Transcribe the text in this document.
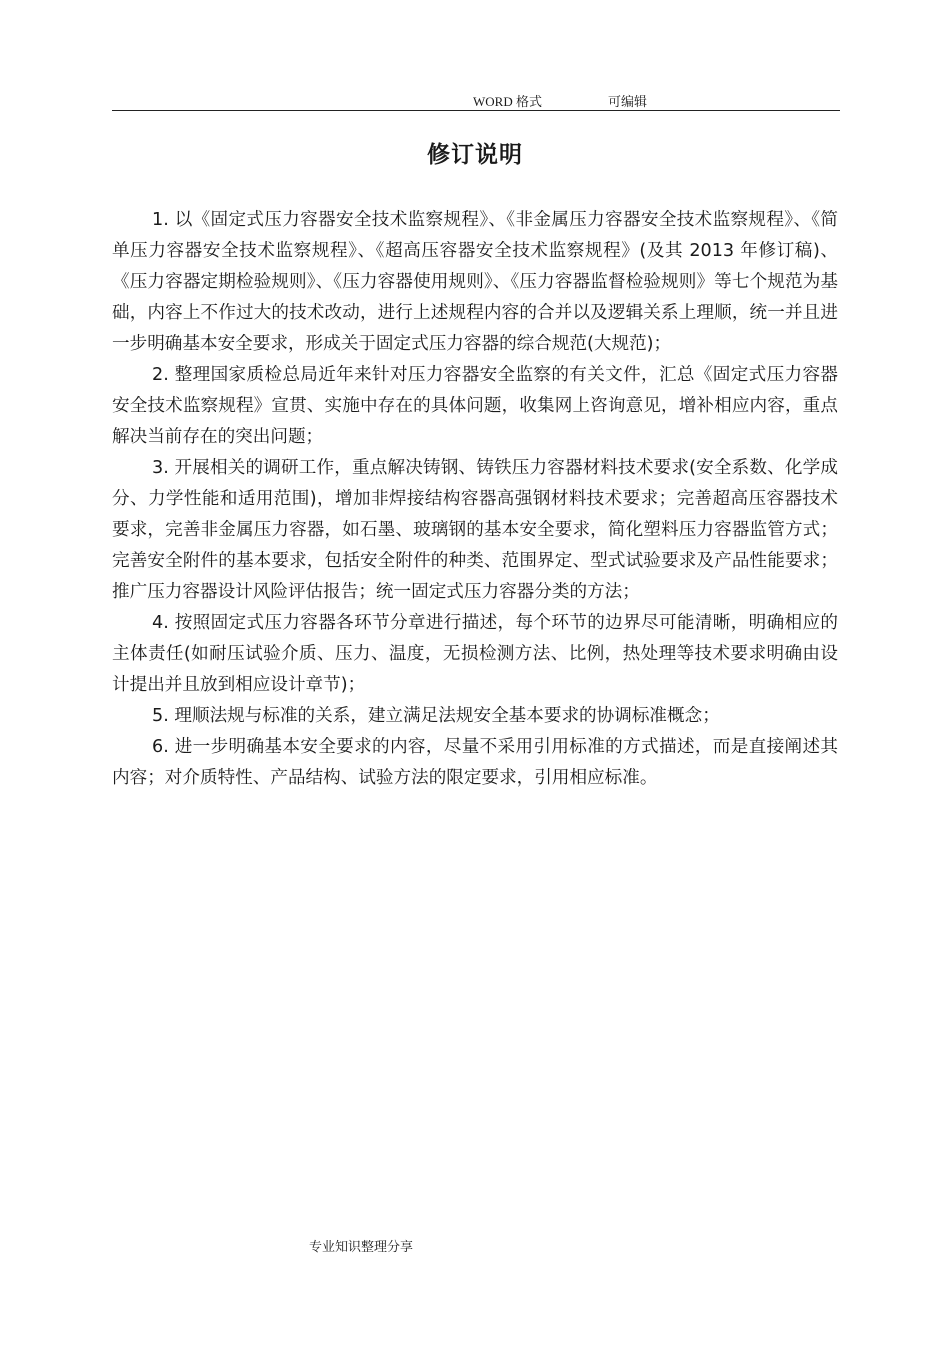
WORD 格式	可编辑
修订说明

1. 以《固定式压力容器安全技术监察规程》、《非金属压力容器安全技术监察规程》、《简单压力容器安全技术监察规程》、《超高压容器安全技术监察规程》(及其 2013 年修订稿)、《压力容器定期检验规则》、《压力容器使用规则》、《压力容器监督检验规则》等七个规范为基础，内容上不作过大的技术改动，进行上述规程内容的合并以及逻辑关系上理顺，统一并且进一步明确基本安全要求，形成关于固定式压力容器的综合规范(大规范)；

2. 整理国家质检总局近年来针对压力容器安全监察的有关文件，汇总《固定式压力容器安全技术监察规程》宣贯、实施中存在的具体问题，收集网上咨询意见，增补相应内容，重点解决当前存在的突出问题；

3. 开展相关的调研工作，重点解决铸钢、铸铁压力容器材料技术要求(安全系数、化学成分、力学性能和适用范围)，增加非焊接结构容器高强钢材料技术要求；完善超高压容器技术要求，完善非金属压力容器，如石墨、玻璃钢的基本安全要求，简化塑料压力容器监管方式；完善安全附件的基本要求，包括安全附件的种类、范围界定、型式试验要求及产品性能要求；推广压力容器设计风险评估报告；统一固定式压力容器分类的方法；

4. 按照固定式压力容器各环节分章进行描述，每个环节的边界尽可能清晰，明确相应的主体责任(如耐压试验介质、压力、温度，无损检测方法、比例，热处理等技术要求明确由设计提出并且放到相应设计章节)；

5. 理顺法规与标准的关系，建立满足法规安全基本要求的协调标准概念；

6. 进一步明确基本安全要求的内容，尽量不采用引用标准的方式描述，而是直接阐述其内容；对介质特性、产品结构、试验方法的限定要求，引用相应标准。

专业知识整理分享
